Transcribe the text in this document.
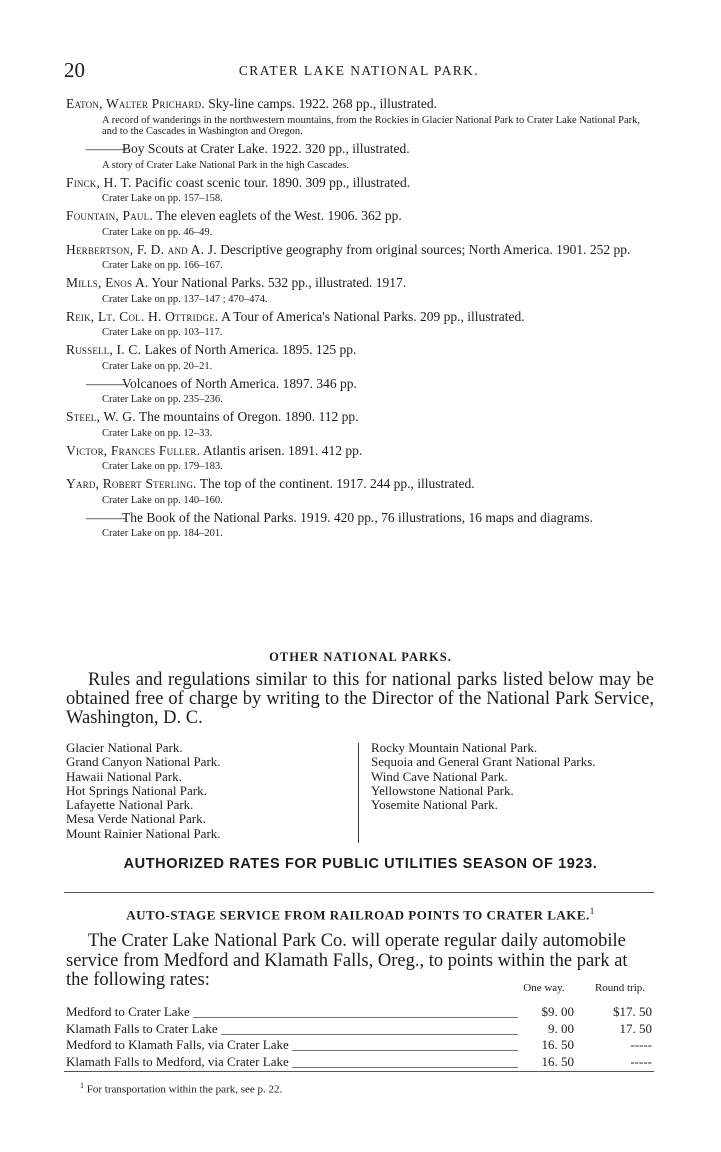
20	CRATER LAKE NATIONAL PARK.

Eaton, Walter Prichard. Sky-line camps. 1922. 268 pp., illustrated.

A record of wanderings in the northwestern mountains, from the Rockies in Glacier National Park to Crater Lake National Park, and to the Cascades in Washington and Oregon.

———Boy Scouts at Crater Lake. 1922. 320 pp., illustrated.

A story of Crater Lake National Park in the high Cascades.

Finck, H. T. Pacific coast scenic tour. 1890. 309 pp., illustrated.

Crater Lake on pp. 157–158.

Fountain, Paul. The eleven eaglets of the West. 1906. 362 pp.

Crater Lake on pp. 46–49.

Herbertson, F. D. and A. J. Descriptive geography from original sources; North America. 1901. 252 pp.

Crater Lake on pp. 166–167.

Mills, Enos A. Your National Parks. 532 pp., illustrated. 1917.

Crater Lake on pp. 137–147 ; 470–474.

Reik, Lt. Col. H. Ottridge. A Tour of America's National Parks. 209 pp., illustrated.

Crater Lake on pp. 103–117.

Russell, I. C. Lakes of North America. 1895. 125 pp.

Crater Lake on pp. 20–21.

———Volcanoes of North America. 1897. 346 pp.

Crater Lake on pp. 235–236.

Steel, W. G. The mountains of Oregon. 1890. 112 pp.

Crater Lake on pp. 12–33.

Victor, Frances Fuller. Atlantis arisen. 1891. 412 pp.

Crater Lake on pp. 179–183.

Yard, Robert Sterling. The top of the continent. 1917. 244 pp., illustrated.

Crater Lake on pp. 140–160.

———The Book of the National Parks. 1919. 420 pp., 76 illustrations, 16 maps and diagrams.

Crater Lake on pp. 184–201.

OTHER NATIONAL PARKS.

Rules and regulations similar to this for national parks listed below may be obtained free of charge by writing to the Director of the National Park Service, Washington, D. C.

Glacier National Park.
Grand Canyon National Park.
Hawaii National Park.
Hot Springs National Park.
Lafayette National Park.
Mesa Verde National Park.
Mount Rainier National Park.
Rocky Mountain National Park.
Sequoia and General Grant National Parks.
Wind Cave National Park.
Yellowstone National Park.
Yosemite National Park.
AUTHORIZED RATES FOR PUBLIC UTILITIES SEASON OF 1923.
AUTO-STAGE SERVICE FROM RAILROAD POINTS TO CRATER LAKE.$^1$

The Crater Lake National Park Co. will operate regular daily automobile service from Medford and Klamath Falls, Oreg., to points within the park at the following rates:	One way.	Round trip.
Medford to Crater Lake _____	$9. 00	$17. 50
Klamath Falls to Crater Lake _____	9. 00	17. 50
Medford to Klamath Falls, via Crater Lake _____	16. 50	-----
Klamath Falls to Medford, via Crater Lake _____	16. 50	-----
$^1$ For transportation within the park, see p. 22.
